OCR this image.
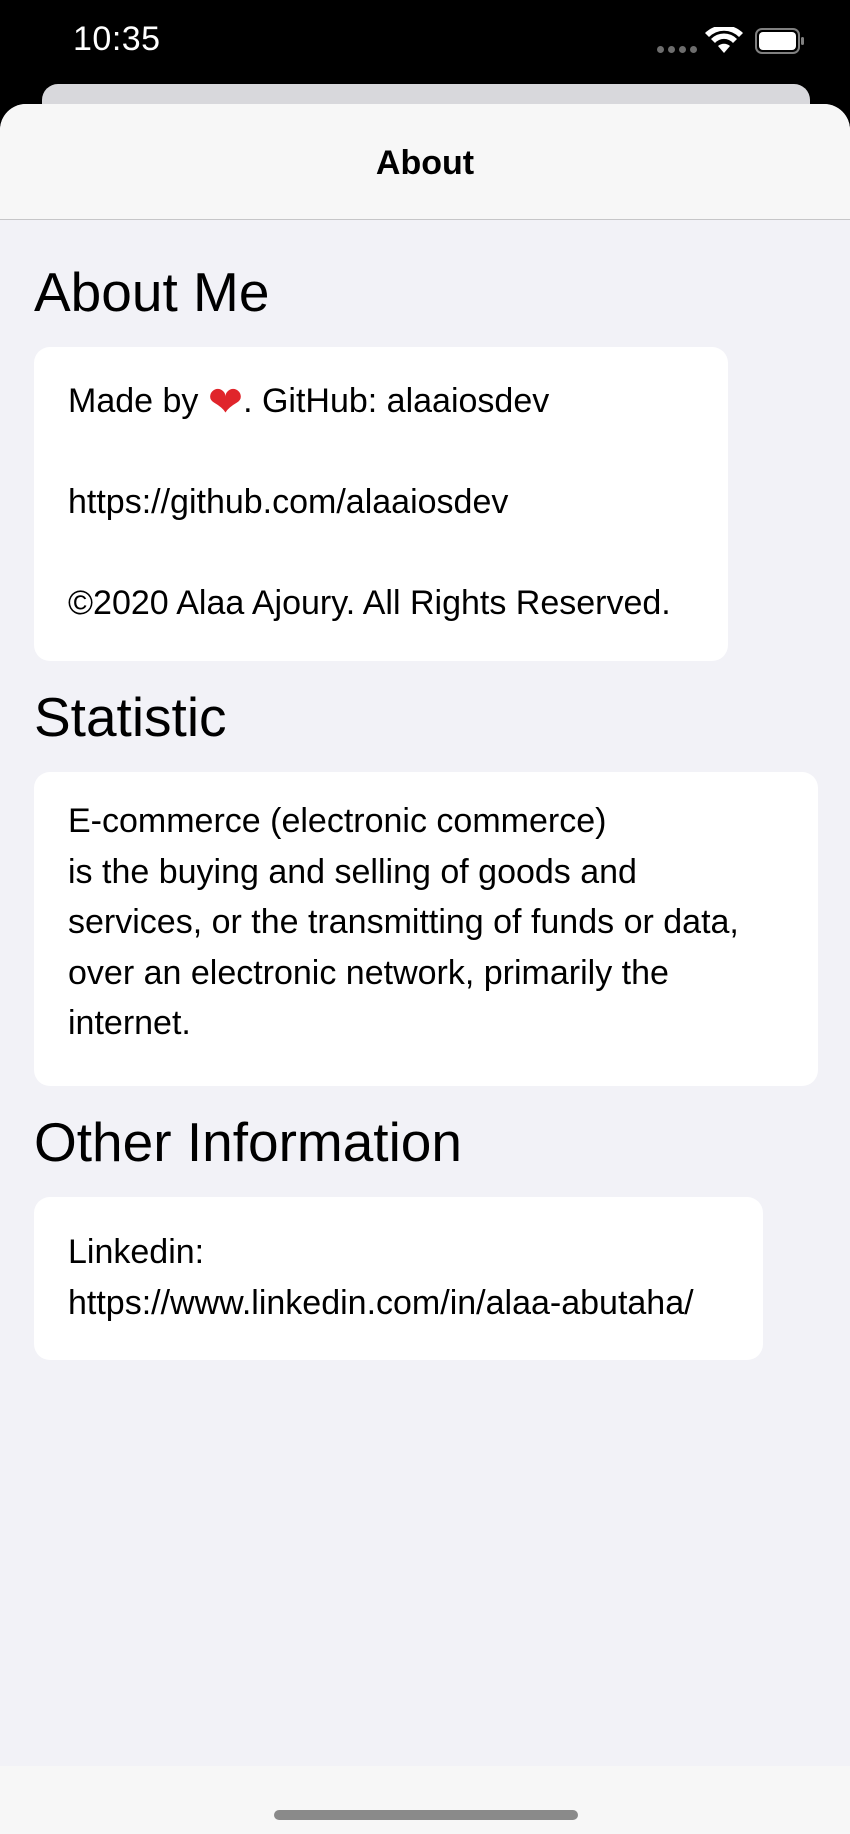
10:35
About
About Me

Made by ❤. GitHub: alaaiosdev

https://github.com/alaaiosdev

©2020 Alaa Ajoury. All Rights Reserved.

Statistic

E-commerce (electronic commerce)

is the buying and selling of goods and

services, or the transmitting of funds or data,

over an electronic network, primarily the

internet.

Other Information

Linkedin:

https://www.linkedin.com/in/alaa-abutaha/
